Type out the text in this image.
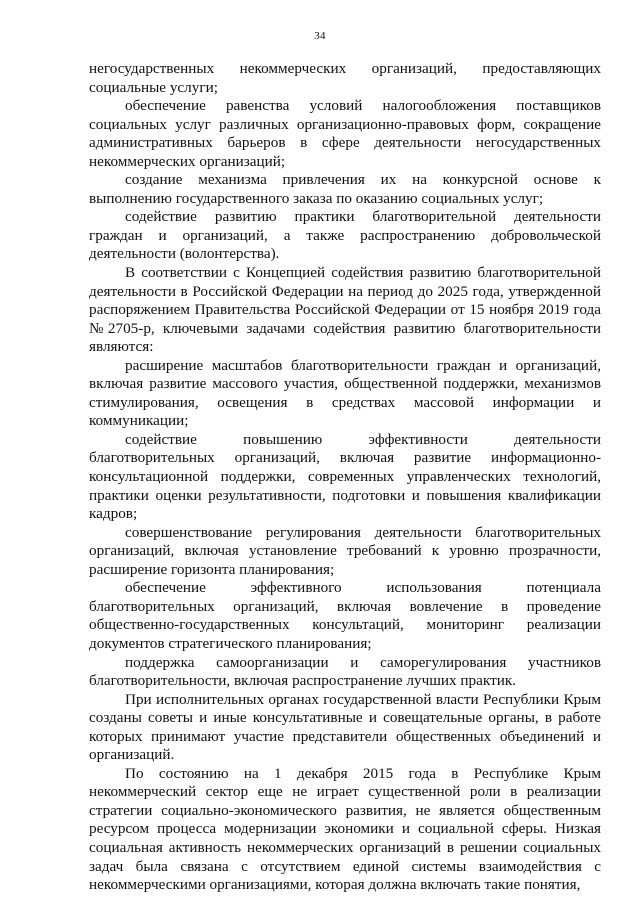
34

негосударственных некоммерческих организаций, предоставляющих социальные услуги;

обеспечение равенства условий налогообложения поставщиков социальных услуг различных организационно-правовых форм, сокращение административных барьеров в сфере деятельности негосударственных некоммерческих организаций;

создание механизма привлечения их на конкурсной основе к выполнению государственного заказа по оказанию социальных услуг;

содействие развитию практики благотворительной деятельности граждан и организаций, а также распространению добровольческой деятельности (волонтерства).

В соответствии с Концепцией содействия развитию благотворительной деятельности в Российской Федерации на период до 2025 года, утвержденной распоряжением Правительства Российской Федерации от 15 ноября 2019 года №2705-р, ключевыми задачами содействия развитию благотворительности являются:

расширение масштабов благотворительности граждан и организаций, включая развитие массового участия, общественной поддержки, механизмов стимулирования, освещения в средствах массовой информации и коммуникации;

содействие повышению эффективности деятельности благотворительных организаций, включая развитие информационно-консультационной поддержки, современных управленческих технологий, практики оценки результативности, подготовки и повышения квалификации кадров;

совершенствование регулирования деятельности благотворительных организаций, включая установление требований к уровню прозрачности, расширение горизонта планирования;

обеспечение эффективного использования потенциала благотворительных организаций, включая вовлечение в проведение общественно-государственных консультаций, мониторинг реализации документов стратегического планирования;

поддержка самоорганизации и саморегулирования участников благотворительности, включая распространение лучших практик.

При исполнительных органах государственной власти Республики Крым созданы советы и иные консультативные и совещательные органы, в работе которых принимают участие представители общественных объединений и организаций.

По состоянию на 1 декабря 2015 года в Республике Крым некоммерческий сектор еще не играет существенной роли в реализации стратегии социально-экономического развития, не является общественным ресурсом процесса модернизации экономики и социальной сферы. Низкая социальная активность некоммерческих организаций в решении социальных задач была связана с отсутствием единой системы взаимодействия с некоммерческими организациями, которая должна включать такие понятия,
